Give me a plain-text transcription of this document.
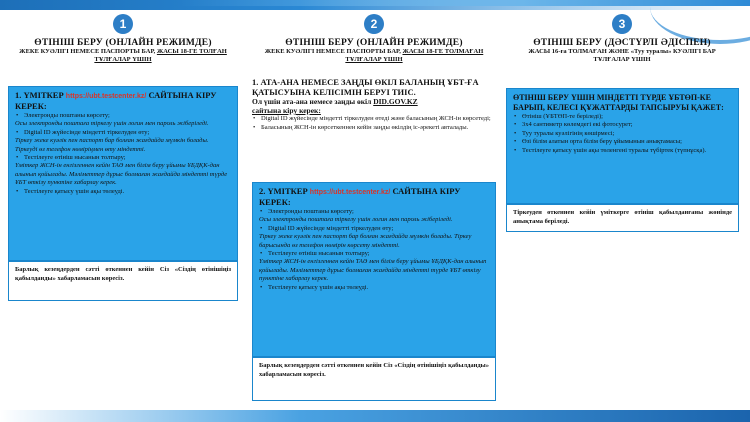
1
ӨТІНІШ БЕРУ (ОНЛАЙН РЕЖИМДЕ)
ЖЕКЕ КУӘЛІГІ НЕМЕСЕ ПАСПОРТЫ БАР, ЖАСЫ 18-ГЕ ТОЛҒАН
ТҰЛҒАЛАР ҮШІН
1. ҮМІТКЕР https://ubt.testcenter.kz/ САЙТЫНА КІРУ КЕРЕК:
• Электронды поштаны көрсету;
Осы электронды поштаға тіркелу үшін логин мен пароль жіберіледі.
• Digital ID жүйесінде міндетті тіркелуден өту;
Тіркеу жеке куәлік пен паспорт бар болған жағдайда мүмкін болады. Тіркеуді өз телефон нөміріңмен өту міндетті.
• Тестілеуге өтініш нысанын толтыру;
Үміткер ЖСН-ін енгізгеннен кейін ТАӘ мен білім беру ұйымы ҰБДҚК-дан алынып қойылады. Мәліметтер дұрыс болмаған жағдайда міндетті түрде ҰБТ өткізу пунктіне хабарлау керек.
• Тестілеуге қатысу үшін ақы төлеуді.
Барлық кезеңдерден сәтті өткеннен кейін Сіз «Сіздің өтінішіңіз қабылданды» хабарламасын көресіз.
2
ӨТІНІШ БЕРУ (ОНЛАЙН РЕЖИМДЕ)
ЖЕКЕ КУӘЛІГІ НЕМЕСЕ ПАСПОРТЫ БАР, ЖАСЫ 18-ГЕ ТОЛМАҒАН
ТҰЛҒАЛАР ҮШІН
1. АТА-АНА НЕМЕСЕ ЗАҢДЫ ӨКІЛ БАЛАНЫҢ ҰБТ-ҒА ҚАТЫСУЫНА КЕЛІСІМІН БЕРУІ ТИІС.
Ол үшін ата-ана немесе заңды өкіл DID.GOV.KZ
сайтына кіру керек:
• Digital ID жүйесінде міндетті тіркелуден өтеді және баласының ЖСН-ін көрсетеді;
• Баласының ЖСН-ін көрсеткеннен кейін заңды өкілдің іс-әрекеті авталады.
2. ҮМІТКЕР https://ubt.testcenter.kz/ САЙТЫНА КІРУ КЕРЕК:
• Электронды поштаны көрсету;
Осы электронды поштаға тіркелу үшін логин мен пароль жіберіледі.
• Digital ID жүйесінде міндетті тіркелуден өту;
Тіркеу жеке куәлік пен паспорт бар болған жағдайда мүмкін болады. Тіркеу барысында өз телефон нөмірін көрсету міндетті.
• Тестілеуге өтініш нысанын толтыру;
Үміткер ЖСН-ін енгізгеннен кейін ТАӘ мен білім беру ұйымы ҰБДҚК-дан алынып қойылады. Мәліметтер дұрыс болмаған жағдайда міндетті түрде ҰБТ өткізу пунктіне хабарлау керек.
• Тестілеуге қатысу үшін ақы төлеуді.
Барлық кезеңдерден сәтті өткеннен кейін Сіз «Сіздің өтінішіңіз қабылданды» хабарламасын көресіз.
3
ӨТІНІШ БЕРУ (ДӘСТҮРЛІ ӘДІСПЕН)
ЖАСЫ 16-ға ТОЛМАҒАН ЖӘНЕ «Туу туралы» КУӘЛІГІ БАР
ТҰЛҒАЛАР ҮШІН
ӨТІНІШ БЕРУ ҮШІН МІНДЕТТІ ТҮРДЕ ҰБТӨП-КЕ БАРЫП, КЕЛЕСІ ҚҰЖАТТАРДЫ ТАПСЫРУЫ ҚАЖЕТ:
• Өтініш (ҰБТӨП-те беріледі);
• 3х4 сантиметр көлемдегі екі фотосурет;
• Туу туралы куәлігінің көшірмесі;
• Өзі білім алатын орта білім беру ұйымынын анықтамасы;
• Тестілеуге қатысу үшін ақы төленгені туралы түбіртек (түпнұсқа).
Тіркеуден өткеннен кейін үміткерге өтініш қабылданғаны жөнінде анықтама беріледі.
